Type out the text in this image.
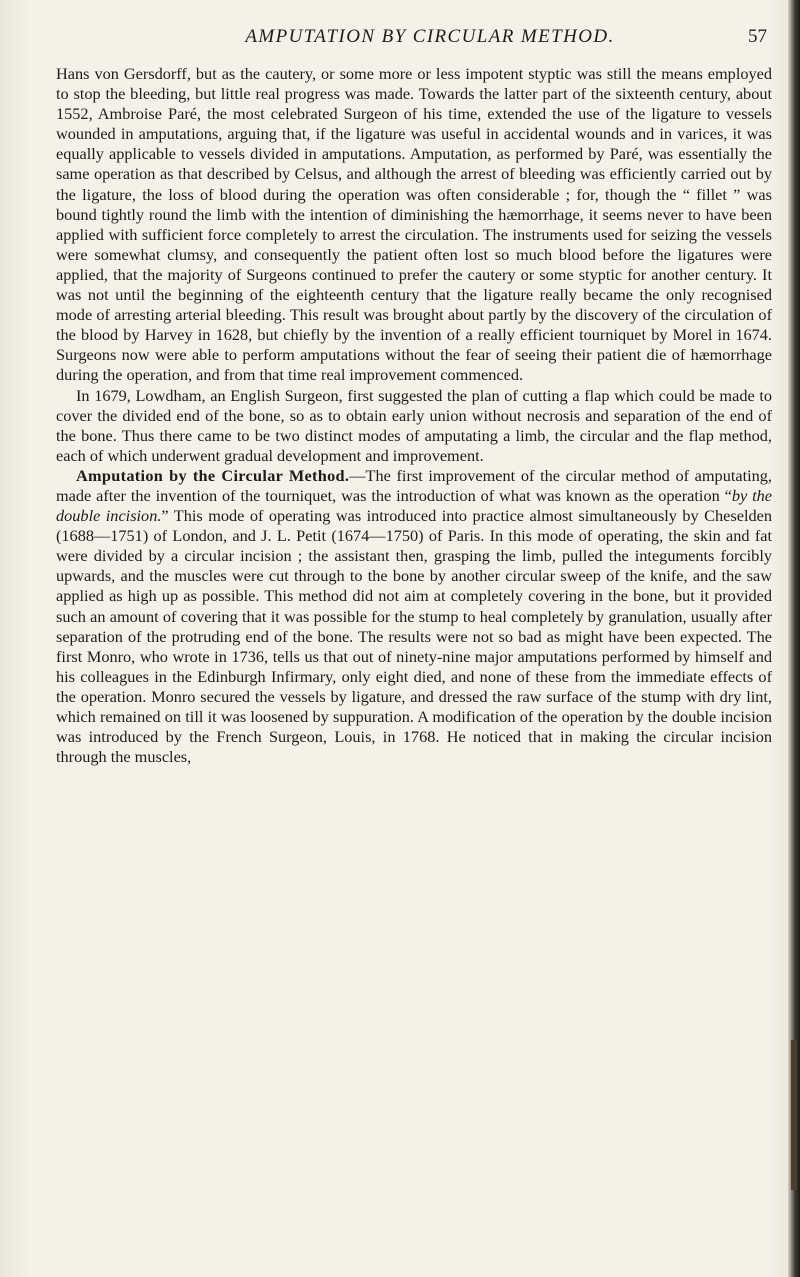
AMPUTATION BY CIRCULAR METHOD.	57

Hans von Gersdorff, but as the cautery, or some more or less impotent styptic was still the means employed to stop the bleeding, but little real progress was made. Towards the latter part of the sixteenth century, about 1552, Ambroise Paré, the most celebrated Surgeon of his time, extended the use of the ligature to vessels wounded in amputations, arguing that, if the ligature was useful in accidental wounds and in varices, it was equally applicable to vessels divided in amputations. Amputation, as performed by Paré, was essentially the same operation as that described by Celsus, and although the arrest of bleeding was efficiently carried out by the ligature, the loss of blood during the operation was often considerable ; for, though the “ fillet ” was bound tightly round the limb with the intention of diminishing the hæmorrhage, it seems never to have been applied with sufficient force completely to arrest the circulation. The instruments used for seizing the vessels were somewhat clumsy, and consequently the patient often lost so much blood before the ligatures were applied, that the majority of Surgeons continued to prefer the cautery or some styptic for another century. It was not until the beginning of the eighteenth century that the ligature really became the only recognised mode of arresting arterial bleeding. This result was brought about partly by the discovery of the circulation of the blood by Harvey in 1628, but chiefly by the invention of a really efficient tourniquet by Morel in 1674. Surgeons now were able to perform amputations without the fear of seeing their patient die of hæmorrhage during the operation, and from that time real improvement commenced.

In 1679, Lowdham, an English Surgeon, first suggested the plan of cutting a flap which could be made to cover the divided end of the bone, so as to obtain early union without necrosis and separation of the end of the bone. Thus there came to be two distinct modes of amputating a limb, the circular and the flap method, each of which underwent gradual development and improvement.

Amputation by the Circular Method.—The first improvement of the circular method of amputating, made after the invention of the tourniquet, was the introduction of what was known as the operation “by the double incision.” This mode of operating was introduced into practice almost simultaneously by Cheselden (1688—1751) of London, and J. L. Petit (1674—1750) of Paris. In this mode of operating, the skin and fat were divided by a circular incision ; the assistant then, grasping the limb, pulled the integuments forcibly upwards, and the muscles were cut through to the bone by another circular sweep of the knife, and the saw applied as high up as possible. This method did not aim at completely covering in the bone, but it provided such an amount of covering that it was possible for the stump to heal completely by granulation, usually after separation of the protruding end of the bone. The results were not so bad as might have been expected. The first Monro, who wrote in 1736, tells us that out of ninety-nine major amputations performed by himself and his colleagues in the Edinburgh Infirmary, only eight died, and none of these from the immediate effects of the operation. Monro secured the vessels by ligature, and dressed the raw surface of the stump with dry lint, which remained on till it was loosened by suppuration. A modification of the operation by the double incision was introduced by the French Surgeon, Louis, in 1768. He noticed that in making the circular incision through the muscles,
